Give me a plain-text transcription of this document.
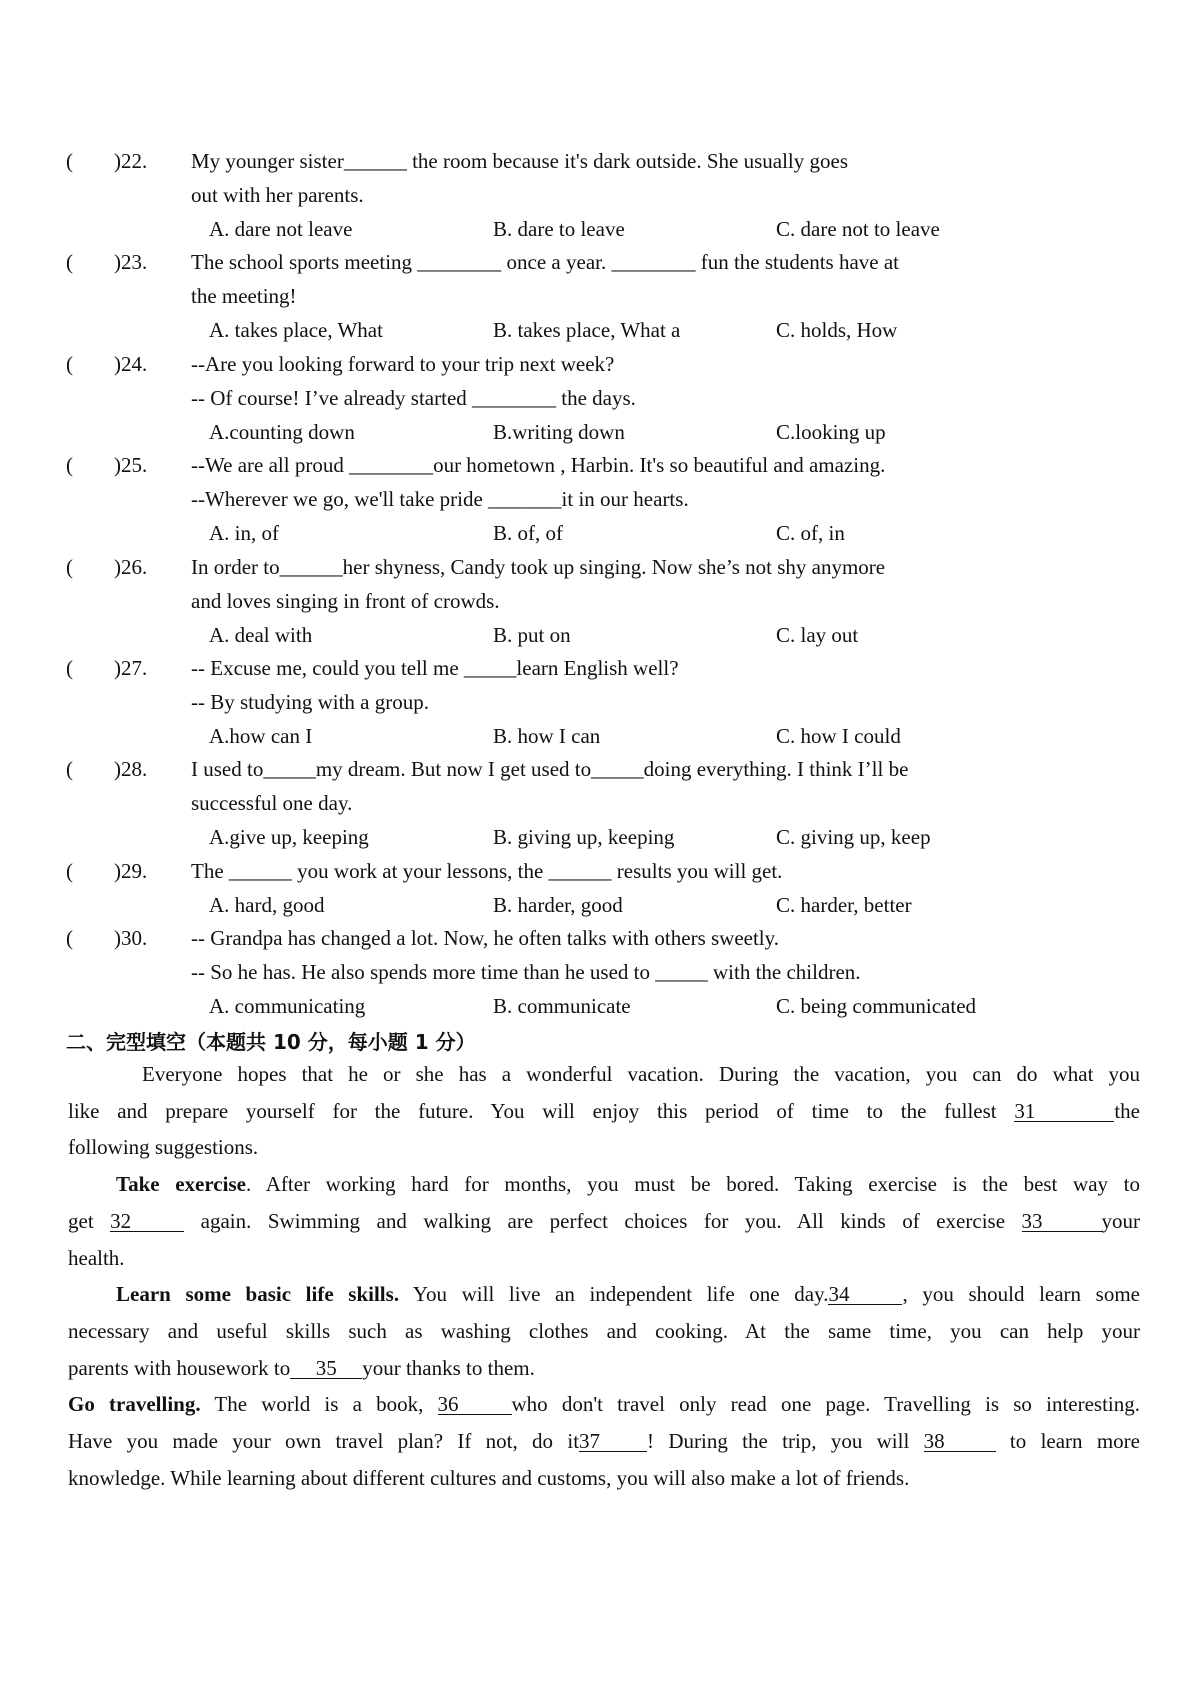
( )22. My younger sister______ the room because it's dark outside. She usually goes
out with her parents.
A. dare not leave	B. dare to leave	C. dare not to leave
( )23. The school sports meeting ________ once a year. ________ fun the students have at
the meeting!
A. takes place, What	B. takes place, What a	C. holds, How
( )24. --Are you looking forward to your trip next week?
-- Of course! I’ve already started ________ the days.
A.counting down	B.writing down	C.looking up
( )25. --We are all proud ________our hometown , Harbin. It's so beautiful and amazing.
--Wherever we go, we'll take pride _______it in our hearts.
A. in, of	B. of, of	C. of, in
( )26. In order to______her shyness, Candy took up singing. Now she’s not shy anymore
and loves singing in front of crowds.
A. deal with	B. put on	C. lay out
( )27. -- Excuse me, could you tell me _____learn English well?
-- By studying with a group.
A.how can I	B. how I can	C. how I could
( )28. I used to_____my dream. But now I get used to_____doing everything. I think I’ll be
successful one day.
A.give up, keeping	B. giving up, keeping	C. giving up, keep
( )29. The ______ you work at your lessons, the ______ results you will get.
A. hard, good	B. harder, good	C. harder, better
( )30. -- Grandpa has changed a lot. Now, he often talks with others sweetly.
-- So he has. He also spends more time than he used to _____ with the children.
A. communicating	B. communicate	C. being communicated
二、完型填空（本题共 10 分，每小题 1 分）
Everyone hopes that he or she has a wonderful vacation. During the vacation, you can do what you
like and prepare yourself for the future. You will enjoy this period of time to the fullest 31	the
following suggestions.
Take exercise. After working hard for months, you must be bored. Taking exercise is the best way to
get 32	again. Swimming and walking are perfect choices for you. All kinds of exercise 33	your
health.
Learn some basic life skills. You will live an independent life one day.34	, you should learn some
necessary and useful skills such as washing clothes and cooking. At the same time, you can help your
parents with housework to 35 your thanks to them.
Go travelling. The world is a book, 36	who don't travel only read one page. Travelling is so interesting.
Have you made your own travel plan? If not, do it37 ! During the trip, you will 38 to learn more
knowledge. While learning about different cultures and customs, you will also make a lot of friends.
